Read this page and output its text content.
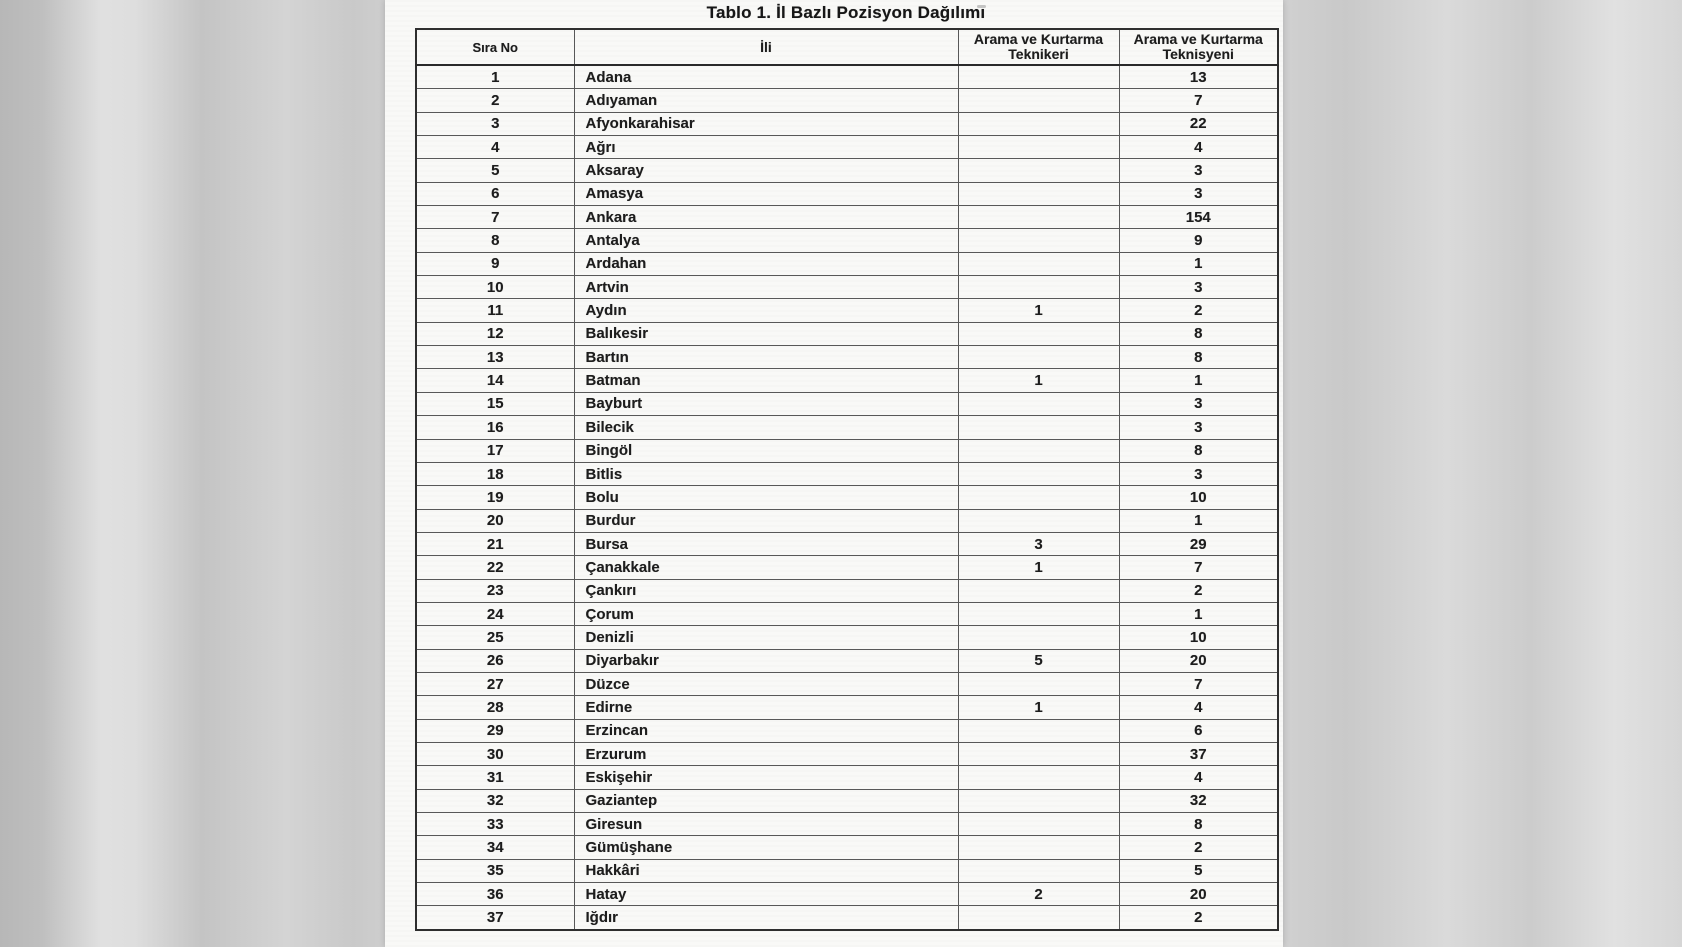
Tablo 1. İl Bazlı Pozisyon Dağılımı
Sıra No	İli	Arama ve Kurtarma Teknikeri	Arama ve Kurtarma Teknisyeni
1	Adana		13
2	Adıyaman		7
3	Afyonkarahisar		22
4	Ağrı		4
5	Aksaray		3
6	Amasya		3
7	Ankara		154
8	Antalya		9
9	Ardahan		1
10	Artvin		3
11	Aydın	1	2
12	Balıkesir		8
13	Bartın		8
14	Batman	1	1
15	Bayburt		3
16	Bilecik		3
17	Bingöl		8
18	Bitlis		3
19	Bolu		10
20	Burdur		1
21	Bursa	3	29
22	Çanakkale	1	7
23	Çankırı		2
24	Çorum		1
25	Denizli		10
26	Diyarbakır	5	20
27	Düzce		7
28	Edirne	1	4
29	Erzincan		6
30	Erzurum		37
31	Eskişehir		4
32	Gaziantep		32
33	Giresun		8
34	Gümüşhane		2
35	Hakkâri		5
36	Hatay	2	20
37	Iğdır		2
